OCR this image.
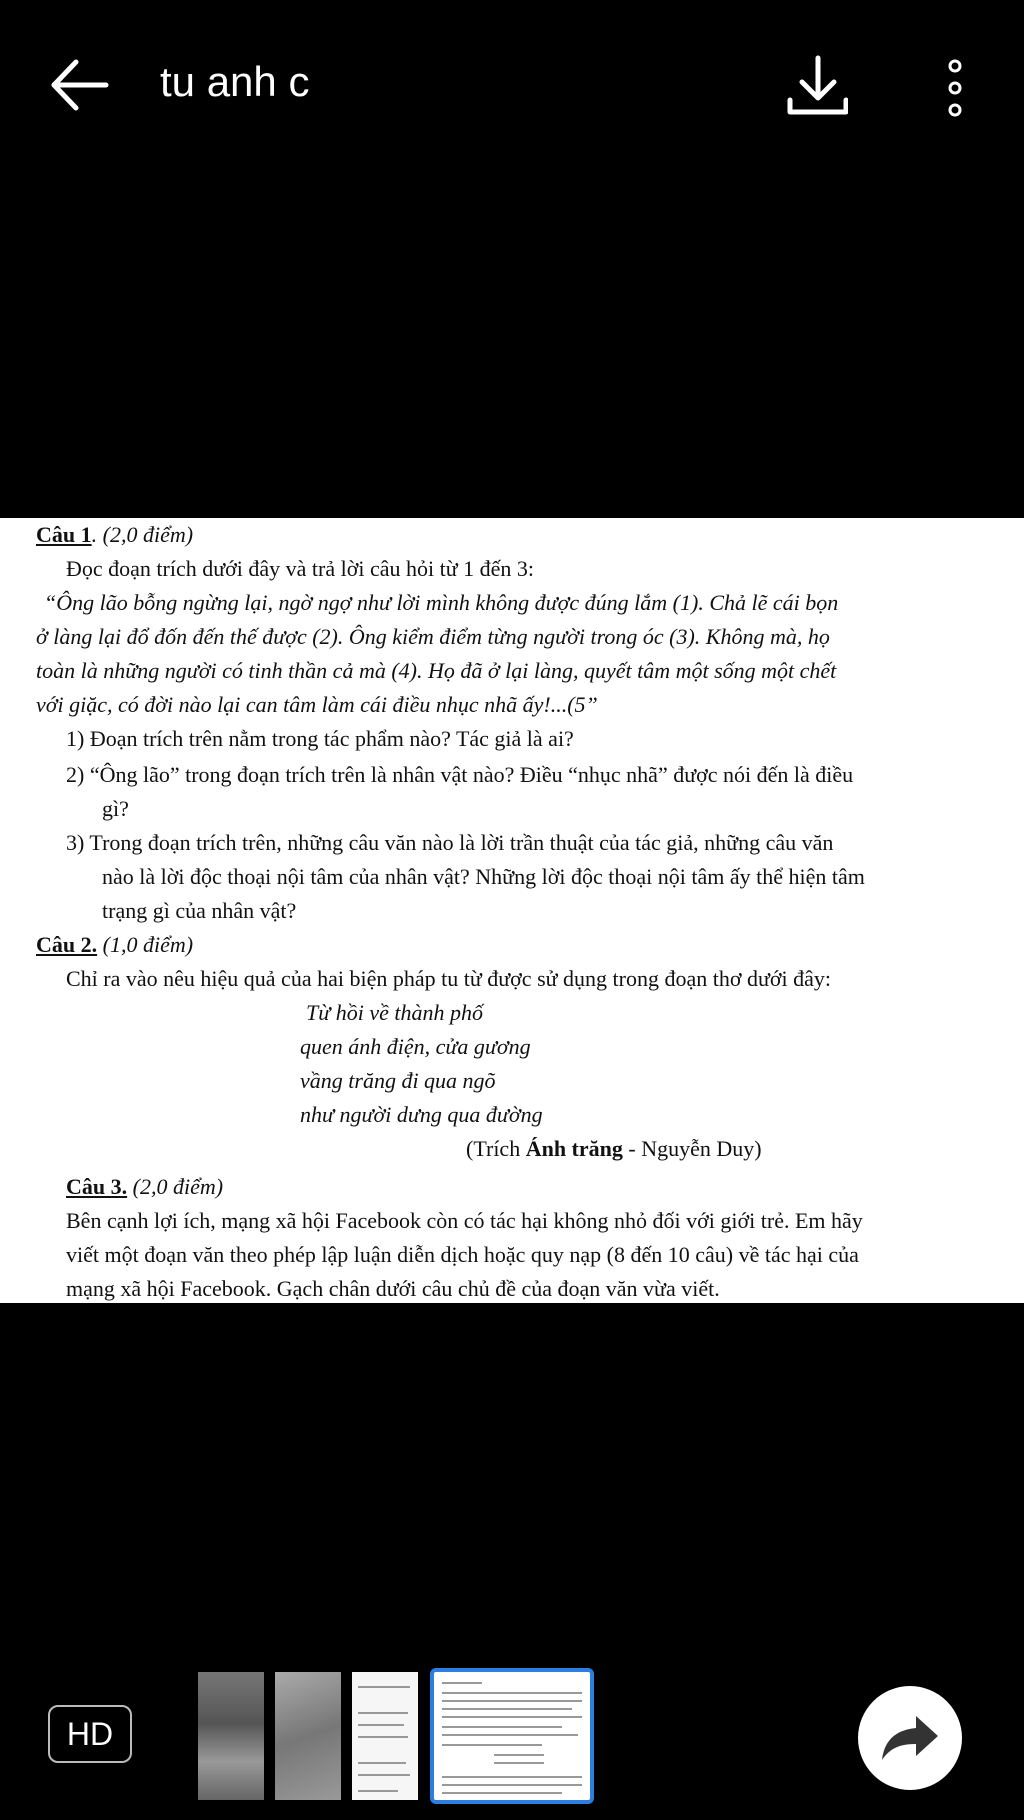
tu anh c

Câu 1. (2,0 điểm)

Đọc đoạn trích dưới đây và trả lời câu hỏi từ 1 đến 3:

“Ông lão bỗng ngừng lại, ngờ ngợ như lời mình không được đúng lắm (1). Chả lẽ cái bọn

ở làng lại đổ đốn đến thế được (2). Ông kiểm điểm từng người trong óc (3). Không mà, họ

toàn là những người có tinh thần cả mà (4). Họ đã ở lại làng, quyết tâm một sống một chết

với giặc, có đời nào lại can tâm làm cái điều nhục nhã ấy!...(5”

1) Đoạn trích trên nằm trong tác phẩm nào? Tác giả là ai?

2) “Ông lão” trong đoạn trích trên là nhân vật nào? Điều “nhục nhã” được nói đến là điều

gì?

3) Trong đoạn trích trên, những câu văn nào là lời trần thuật của tác giả, những câu văn

nào là lời độc thoại nội tâm của nhân vật? Những lời độc thoại nội tâm ấy thể hiện tâm

trạng gì của nhân vật?

Câu 2. (1,0 điểm)

Chỉ ra vào nêu hiệu quả của hai biện pháp tu từ được sử dụng trong đoạn thơ dưới đây:

Từ hồi về thành phố

quen ánh điện, cửa gương

vầng trăng đi qua ngõ

như người dưng qua đường

(Trích Ánh trăng - Nguyễn Duy)

Câu 3. (2,0 điểm)

Bên cạnh lợi ích, mạng xã hội Facebook còn có tác hại không nhỏ đối với giới trẻ. Em hãy

viết một đoạn văn theo phép lập luận diễn dịch hoặc quy nạp (8 đến 10 câu) về tác hại của

mạng xã hội Facebook. Gạch chân dưới câu chủ đề của đoạn văn vừa viết.

HD
